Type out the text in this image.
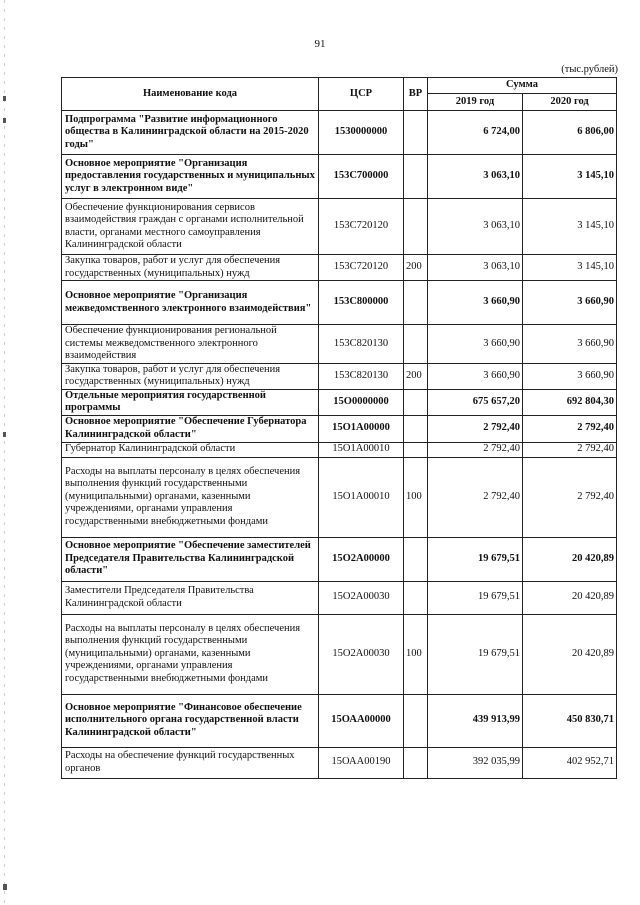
91
(тыс.рублей)
Наименование кода	ЦСР	ВР	Сумма	
			2019 год	2020 год
Подпрограмма "Развитие информационного общества в Калининградской области на 2015-2020 годы"	1530000000		6 724,00	6 806,00
Основное мероприятие "Организация предоставления государственных и муниципальных услуг в электронном виде"	153С700000		3 063,10	3 145,10
Обеспечение функционирования сервисов взаимодействия граждан с органами исполнительной власти, органами местного самоуправления Калининградской области	153С720120		3 063,10	3 145,10
Закупка товаров, работ и услуг для обеспечения государственных (муниципальных) нужд	153С720120	200	3 063,10	3 145,10
Основное мероприятие "Организация межведомственного электронного взаимодействия"	153С800000		3 660,90	3 660,90
Обеспечение функционирования региональной системы межведомственного электронного взаимодействия	153С820130		3 660,90	3 660,90
Закупка товаров, работ и услуг для обеспечения государственных (муниципальных) нужд	153С820130	200	3 660,90	3 660,90
Отдельные мероприятия государственной программы	15О0000000		675 657,20	692 804,30
Основное мероприятие "Обеспечение Губернатора Калининградской области"	15О1А00000		2 792,40	2 792,40
Губернатор Калининградской области	15О1А00010		2 792,40	2 792,40
Расходы на выплаты персоналу в целях обеспечения выполнения функций государственными (муниципальными) органами, казенными учреждениями, органами управления государственными внебюджетными фондами	15О1А00010	100	2 792,40	2 792,40
Основное мероприятие "Обеспечение заместителей Председателя Правительства Калининградской области"	15О2А00000		19 679,51	20 420,89
Заместители Председателя Правительства Калининградской области	15О2А00030		19 679,51	20 420,89
Расходы на выплаты персоналу в целях обеспечения выполнения функций государственными (муниципальными) органами, казенными учреждениями, органами управления государственными внебюджетными фондами	15О2А00030	100	19 679,51	20 420,89
Основное мероприятие "Финансовое обеспечение исполнительного органа государственной власти Калининградской области"	15ОАА00000		439 913,99	450 830,71
Расходы на обеспечение функций государственных органов	15ОАА00190		392 035,99	402 952,71
